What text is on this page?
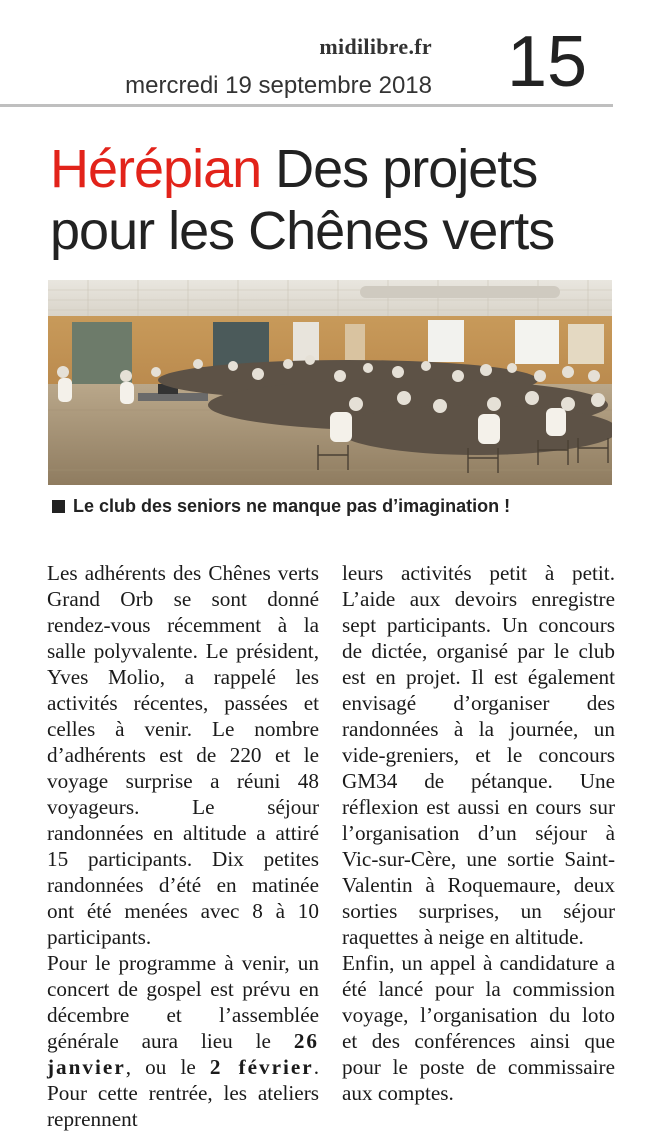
midilibre.fr
mercredi 19 septembre 2018 15
Hérépian Des projets pour les Chênes verts
Le club des seniors ne manque pas d’imagination !

Les adhérents des Chênes verts Grand Orb se sont donné rendez-vous récemment à la salle polyvalente. Le président, Yves Molio, a rappelé les activités récentes, passées et celles à venir. Le nombre d’adhérents est de 220 et le voyage surprise a réuni 48 voyageurs. Le séjour randonnées en altitude a attiré 15 participants. Dix petites randonnées d’été en matinée ont été menées avec 8 à 10 participants.

Pour le programme à venir, un concert de gospel est prévu en décembre et l’assemblée générale aura lieu le 26 janvier, ou le 2 février. Pour cette rentrée, les ateliers reprennent

leurs activités petit à petit. L’aide aux devoirs enregistre sept participants. Un concours de dictée, organisé par le club est en projet. Il est également envisagé d’organiser des randonnées à la journée, un vide-greniers, et le concours GM34 de pétanque. Une réflexion est aussi en cours sur l’organisation d’un séjour à Vic-sur-Cère, une sortie Saint-Valentin à Roquemaure, deux sorties surprises, un séjour raquettes à neige en altitude.

Enfin, un appel à candidature a été lancé pour la commission voyage, l’organisation du loto et des conférences ainsi que pour le poste de commissaire aux comptes.
